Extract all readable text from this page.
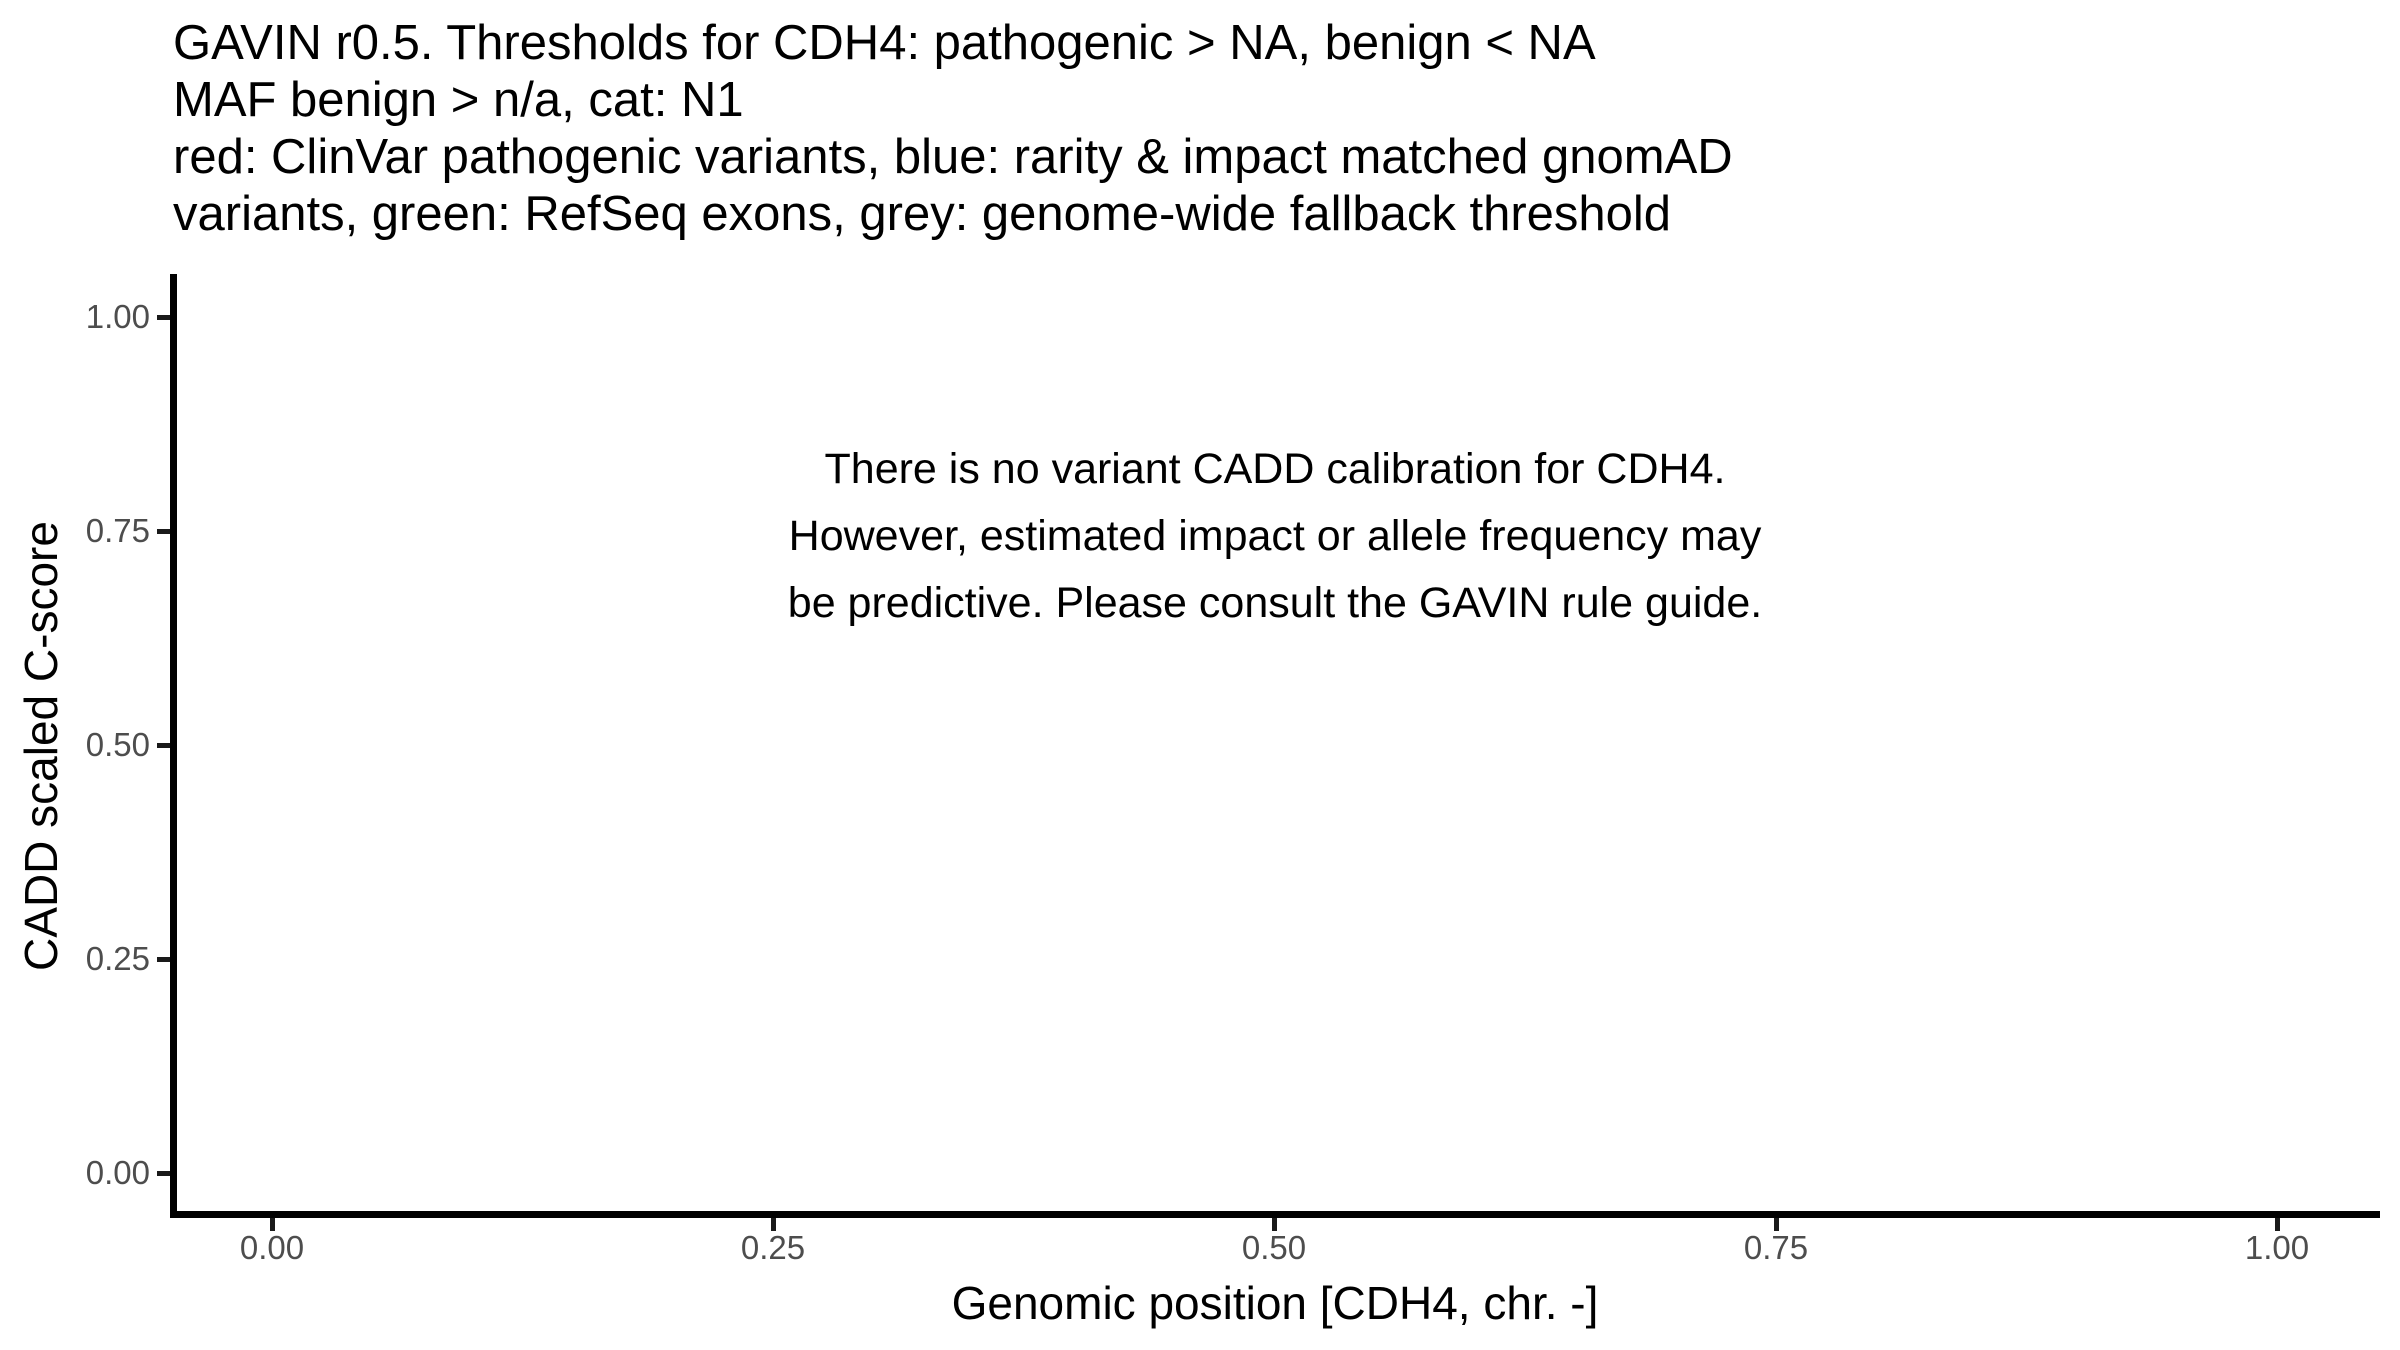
GAVIN r0.5. Thresholds for CDH4: pathogenic > NA, benign < NA
MAF benign > n/a, cat: N1
red: ClinVar pathogenic variants, blue: rarity & impact matched gnomAD
variants, green: RefSeq exons, grey: genome-wide fallback threshold
There is no variant CADD calibration for CDH4.
However, estimated impact or allele frequency may
be predictive. Please consult the GAVIN rule guide.
CADD scaled C-score
Genomic position [CDH4, chr. -]
1.00
0.75
0.50
0.25
0.00
0.00	0.25	0.50	0.75	1.00
